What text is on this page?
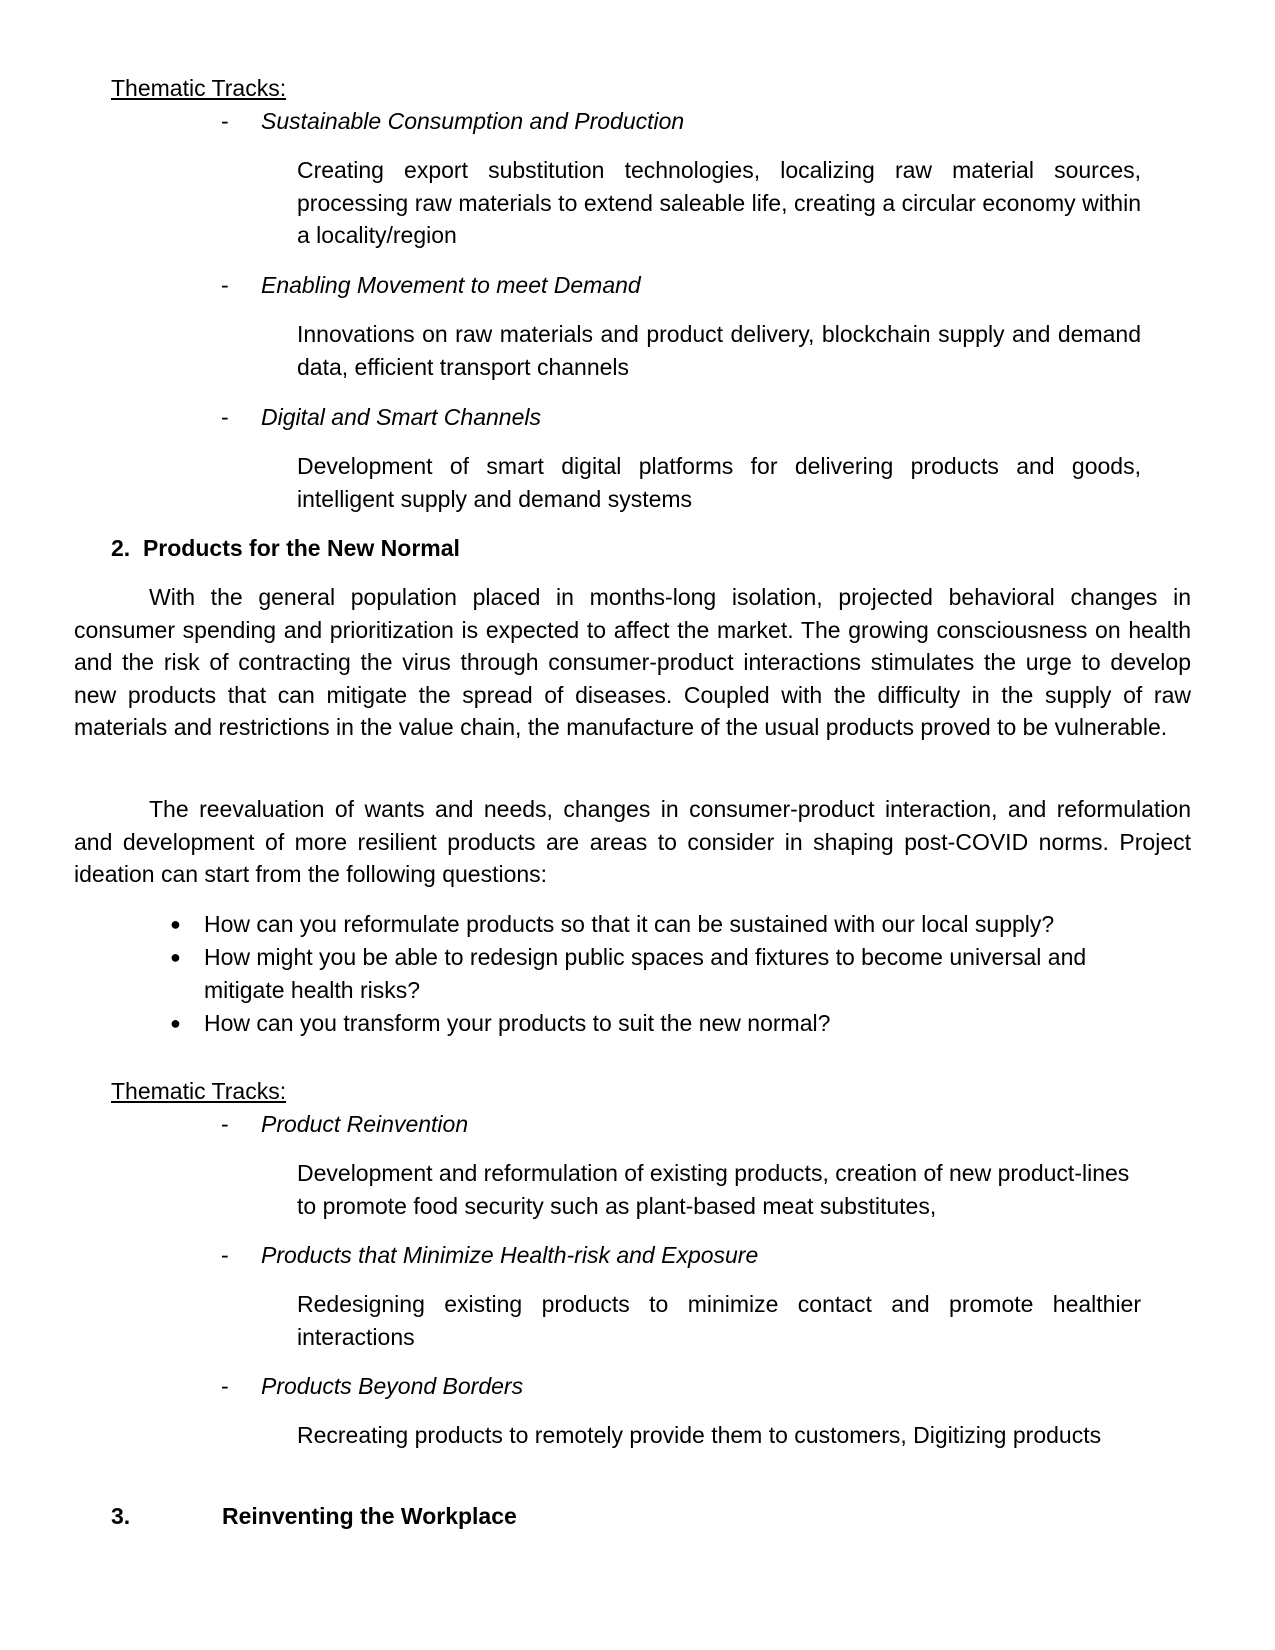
Thematic Tracks:

- Sustainable Consumption and Production

Creating export substitution technologies, localizing raw material sources, processing raw materials to extend saleable life, creating a circular economy within a locality/region

- Enabling Movement to meet Demand

Innovations on raw materials and product delivery, blockchain supply and demand data, efficient transport channels

- Digital and Smart Channels

Development of smart digital platforms for delivering products and goods, intelligent supply and demand systems

2. Products for the New Normal

With the general population placed in months-long isolation, projected behavioral changes in consumer spending and prioritization is expected to affect the market. The growing consciousness on health and the risk of contracting the virus through consumer-product interactions stimulates the urge to develop new products that can mitigate the spread of diseases. Coupled with the difficulty in the supply of raw materials and restrictions in the value chain, the manufacture of the usual products proved to be vulnerable.

The reevaluation of wants and needs, changes in consumer-product interaction, and reformulation and development of more resilient products are areas to consider in shaping post-COVID norms. Project ideation can start from the following questions:

● How can you reformulate products so that it can be sustained with our local supply?

● How might you be able to redesign public spaces and fixtures to become universal and mitigate health risks?

● How can you transform your products to suit the new normal?

Thematic Tracks:

- Product Reinvention

Development and reformulation of existing products, creation of new product-lines to promote food security such as plant-based meat substitutes,

- Products that Minimize Health-risk and Exposure

Redesigning existing products to minimize contact and promote healthier interactions

- Products Beyond Borders

Recreating products to remotely provide them to customers, Digitizing products

3.	Reinventing the Workplace
